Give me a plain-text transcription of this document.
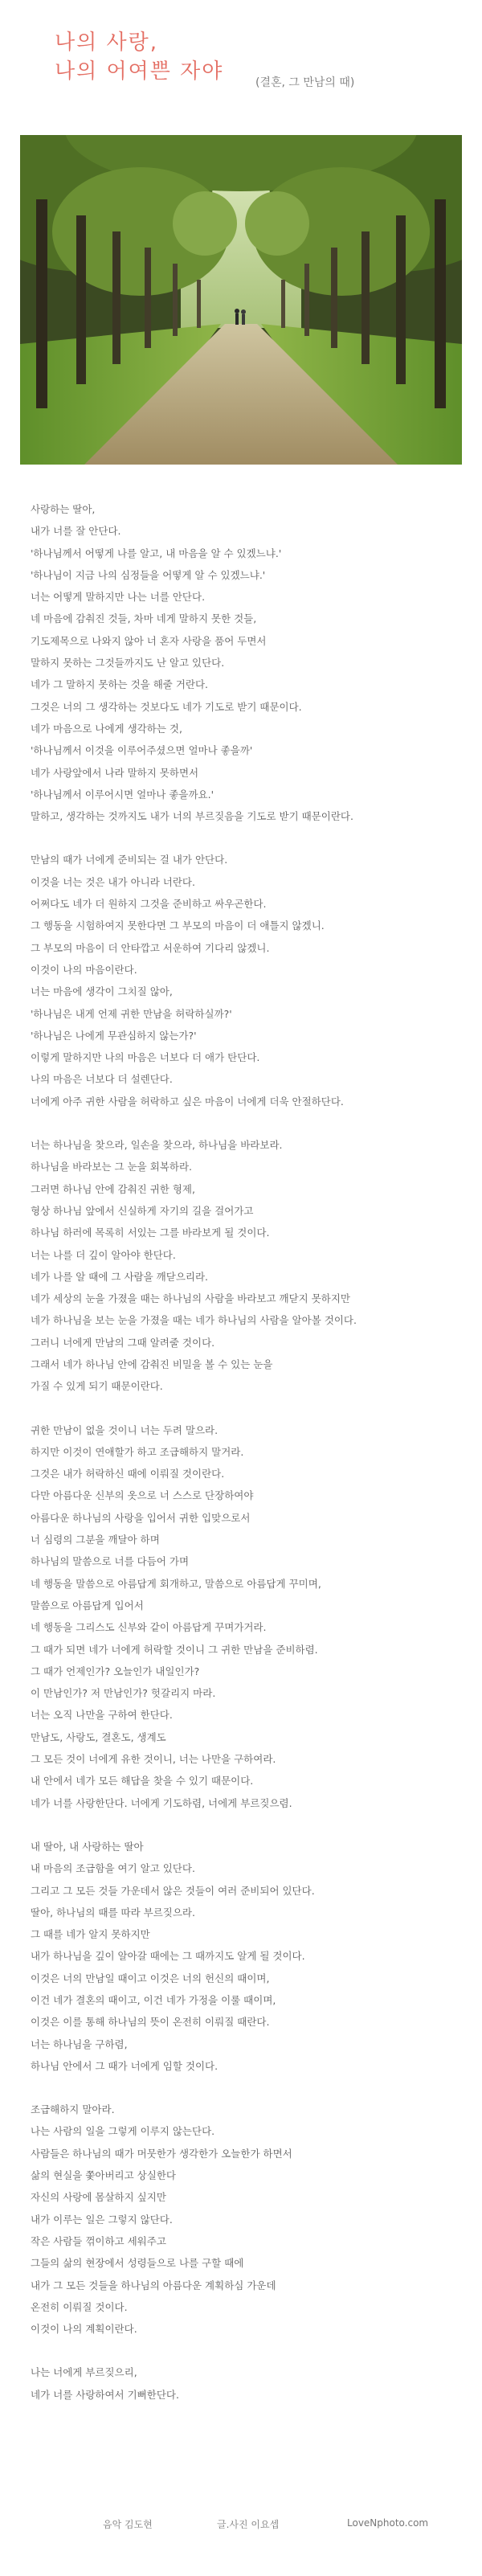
나의 사랑,
나의 어여쁜 자야	(결혼, 그 만남의 때)
사랑하는 딸아,
내가 너를 잘 안단다.
'하나님께서 어떻게 나를 알고, 내 마음을 알 수 있겠느냐.'
'하나님이 지금 나의 심정들을 어떻게 알 수 있겠느냐.'
너는 어떻게 말하지만 나는 너를 안단다.
네 마음에 감춰진 것들, 차마 네게 말하지 못한 것들,
기도제목으로 나와지 않아 너 혼자 사랑을 품어 두면서
말하지 못하는 그것들까지도 난 알고 있단다.
네가 그 말하지 못하는 것을 해줄 거란다.
그것은 너의 그 생각하는 것보다도 네가 기도로 받기 때문이다.
네가 마음으로 나에게 생각하는 것,
'하나님께서 이것을 이루어주셨으면 얼마나 좋을까'
네가 사랑앞에서 나라 말하지 못하면서
'하나님께서 이루어시면 얼마나 좋을까요.'
말하고, 생각하는 것까지도 내가 너의 부르짖음을 기도로 받기 때문이란다.
만남의 때가 너에게 준비되는 걸 내가 안단다.
이것을 너는 것은 내가 아니라 너란다.
어쩌다도 네가 더 원하지 그것을 준비하고 싸우곤한다.
그 행동을 시험하여지 못한다면 그 부모의 마음이 더 애틀지 않겠니.
그 부모의 마음이 더 안타깝고 서운하여 기다리 않겠니.
이것이 나의 마음이란다.
너는 마음에 생각이 그치질 않아,
'하나님은 내게 언제 귀한 만남을 허락하실까?'
'하나님은 나에게 무관심하지 않는가?'
이렇게 말하지만 나의 마음은 너보다 더 애가 탄단다.
나의 마음은 너보다 더 설렌단다.
너에게 아주 귀한 사람을 허락하고 싶은 마음이 너에게 더욱 안절하단다.
너는 하나님을 찾으라, 일손을 찾으라, 하나님을 바라보라.
하나님을 바라보는 그 눈을 회복하라.
그러면 하나님 안에 감춰진 귀한 형제,
형상 하나님 앞에서 신실하게 자기의 길을 걸어가고
하나님 하러에 목록히 서있는 그를 바라보게 될 것이다.
너는 나를 더 깊이 알아야 한단다.
네가 나를 알 때에 그 사람을 깨닫으리라.
네가 세상의 눈을 가졌을 때는 하나님의 사람을 바라보고 깨닫지 못하지만
네가 하나님을 보는 눈을 가졌을 때는 네가 하나님의 사람을 알아볼 것이다.
그러니 너에게 만남의 그때 알려줄 것이다.
그래서 네가 하나님 안에 감춰진 비밀을 볼 수 있는 눈을
가질 수 있게 되기 때문이란다.
귀한 만남이 없을 것이니 너는 두려 말으라.
하지만 이것이 연애할가 하고 조급해하지 말거라.
그것은 내가 허락하신 때에 이뤄질 것이란다.
다만 아름다운 신부의 옷으로 너 스스로 단장하여야
아름다운 하나님의 사랑을 입어서 귀한 입맞으로서
너 심령의 그분을 깨달아 하며
하나님의 말씀으로 너를 다듬어 가며
네 행동을 말씀으로 아름답게 회개하고, 말씀으로 아름답게 꾸미며,
말씀으로 아름답게 입어서
네 행동을 그리스도 신부와 같이 아름답게 꾸며가거라.
그 때가 되면 네가 너에게 허락할 것이니 그 귀한 만남을 준비하렴.
그 때가 언제인가? 오늘인가 내일인가?
이 만남인가? 저 만남인가? 헛갈리지 마라.
너는 오직 나만을 구하여 한단다.
만남도, 사랑도, 결혼도, 생계도
그 모든 것이 너에게 유한 것이니, 너는 나만을 구하여라.
내 안에서 네가 모든 해답을 찾을 수 있기 때문이다.
네가 너를 사랑한단다. 너에게 기도하렴, 너에게 부르짖으렴.
내 딸아, 내 사랑하는 딸아
내 마음의 조급함을 여기 알고 있단다.
그리고 그 모든 것들 가운데서 않은 것들이 여러 준비되어 있단다.
딸아, 하나님의 때를 따라 부르짖으라.
그 때를 네가 알지 못하지만
내가 하나님을 깊이 알아갈 때에는 그 때까지도 알게 될 것이다.
이것은 너의 만남일 때이고 이것은 너의 헌신의 때이며,
이건 네가 결혼의 때이고, 이건 네가 가정을 이룰 때이며,
이것은 이를 통해 하나님의 뜻이 온전히 이뤄질 때란다.
너는 하나님을 구하렴,
하나님 안에서 그 때가 너에게 임할 것이다.
조급해하지 말아라.
나는 사람의 일을 그렇게 이루지 않는단다.
사람들은 하나님의 때가 머뭇한가 생각한가 오늘한가 하면서
삶의 현실을 쫓아버리고 상실한다
자신의 사랑에 몸살하지 싶지만
내가 이루는 일은 그렇지 않단다.
작은 사람들 꺾이하고 세워주고
그들의 삶의 현장에서 성령들으로 나를 구할 때에
내가 그 모든 것들을 하나님의 아름다운 계획하심 가운데
온전히 이뤄질 것이다.
이것이 나의 계획이란다.
나는 너에게 부르짖으리,
네가 너를 사랑하여서 기뻐한단다.
음악 김도현	글.사진 이요셉	LoveNphoto.com
